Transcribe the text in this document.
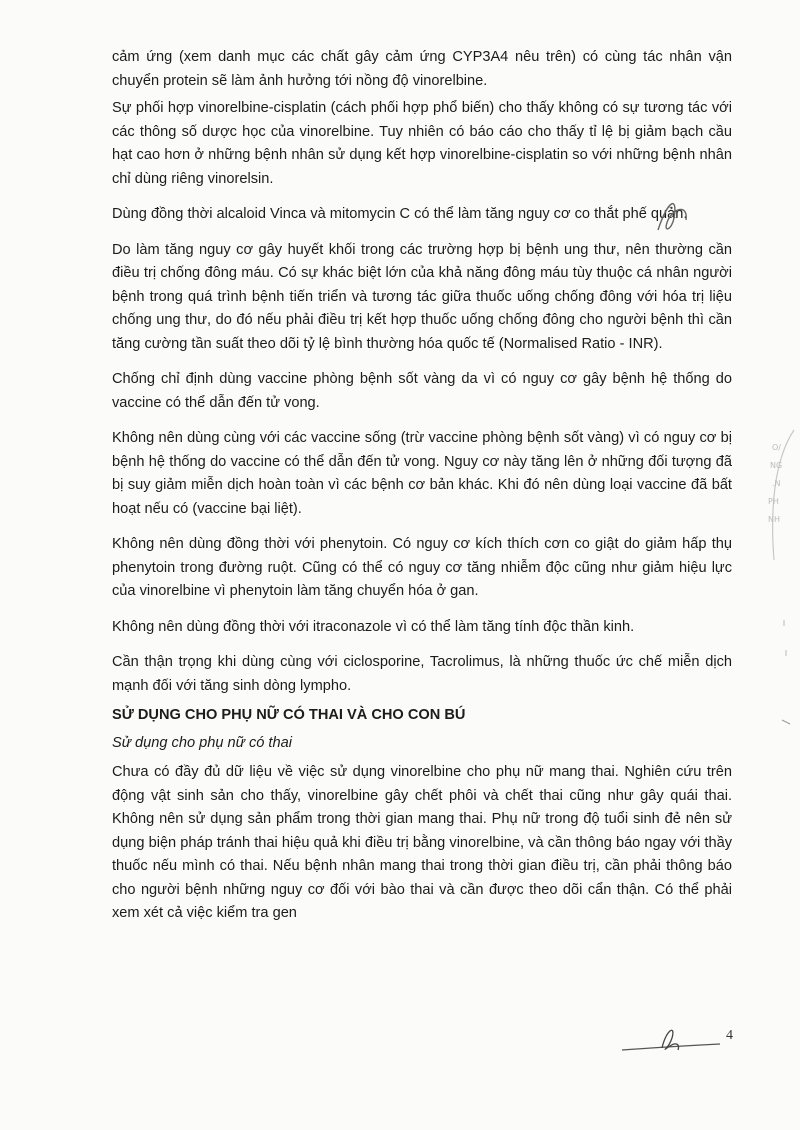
cảm ứng (xem danh mục các chất gây cảm ứng CYP3A4 nêu trên) có cùng tác nhân vận chuyển protein sẽ làm ảnh hưởng tới nồng độ vinorelbine.

Sự phối hợp vinorelbine-cisplatin (cách phối hợp phổ biến) cho thấy không có sự tương tác với các thông số dược học của vinorelbine. Tuy nhiên có báo cáo cho thấy tỉ lệ bị giảm bạch cầu hạt cao hơn ở những bệnh nhân sử dụng kết hợp vinorelbine-cisplatin so với những bệnh nhân chỉ dùng riêng vinorelsin.

Dùng đồng thời alcaloid Vinca và mitomycin C có thể làm tăng nguy cơ co thắt phế quản.

Do làm tăng nguy cơ gây huyết khối trong các trường hợp bị bệnh ung thư, nên thường cần điều trị chống đông máu. Có sự khác biệt lớn của khả năng đông máu tùy thuộc cá nhân người bệnh trong quá trình bệnh tiến triển và tương tác giữa thuốc uống chống đông với hóa trị liệu chống ung thư, do đó nếu phải điều trị kết hợp thuốc uống chống đông cho người bệnh thì cần tăng cường tần suất theo dõi tỷ lệ bình thường hóa quốc tế (Normalised Ratio - INR).

Chống chỉ định dùng vaccine phòng bệnh sốt vàng da vì có nguy cơ gây bệnh hệ thống do vaccine có thể dẫn đến tử vong.

Không nên dùng cùng với các vaccine sống (trừ vaccine phòng bệnh sốt vàng) vì có nguy cơ bị bệnh hệ thống do vaccine có thể dẫn đến tử vong. Nguy cơ này tăng lên ở những đối tượng đã bị suy giảm miễn dịch hoàn toàn vì các bệnh cơ bản khác. Khi đó nên dùng loại vaccine đã bất hoạt nếu có (vaccine bại liệt).

Không nên dùng đồng thời với phenytoin. Có nguy cơ kích thích cơn co giật do giảm hấp thụ phenytoin trong đường ruột. Cũng có thể có nguy cơ tăng nhiễm độc cũng như giảm hiệu lực của vinorelbine vì phenytoin làm tăng chuyển hóa ở gan.

Không nên dùng đồng thời với itraconazole vì có thể làm tăng tính độc thần kinh.

Cần thận trọng khi dùng cùng với ciclosporine, Tacrolimus, là những thuốc ức chế miễn dịch mạnh đối với tăng sinh dòng lympho.

SỬ DỤNG CHO PHỤ NỮ CÓ THAI VÀ CHO CON BÚ
Sử dụng cho phụ nữ có thai

Chưa có đầy đủ dữ liệu về việc sử dụng vinorelbine cho phụ nữ mang thai. Nghiên cứu trên động vật sinh sản cho thấy, vinorelbine gây chết phôi và chết thai cũng như gây quái thai. Không nên sử dụng sản phẩm trong thời gian mang thai. Phụ nữ trong độ tuổi sinh đẻ nên sử dụng biện pháp tránh thai hiệu quả khi điều trị bằng vinorelbine, và cần thông báo ngay với thầy thuốc nếu mình có thai. Nếu bệnh nhân mang thai trong thời gian điều trị, cần phải thông báo cho người bệnh những nguy cơ đối với bào thai và cần được theo dõi cẩn thận. Có thể phải xem xét cả việc kiểm tra gen

O/
NG
.N
PH
NH
4
